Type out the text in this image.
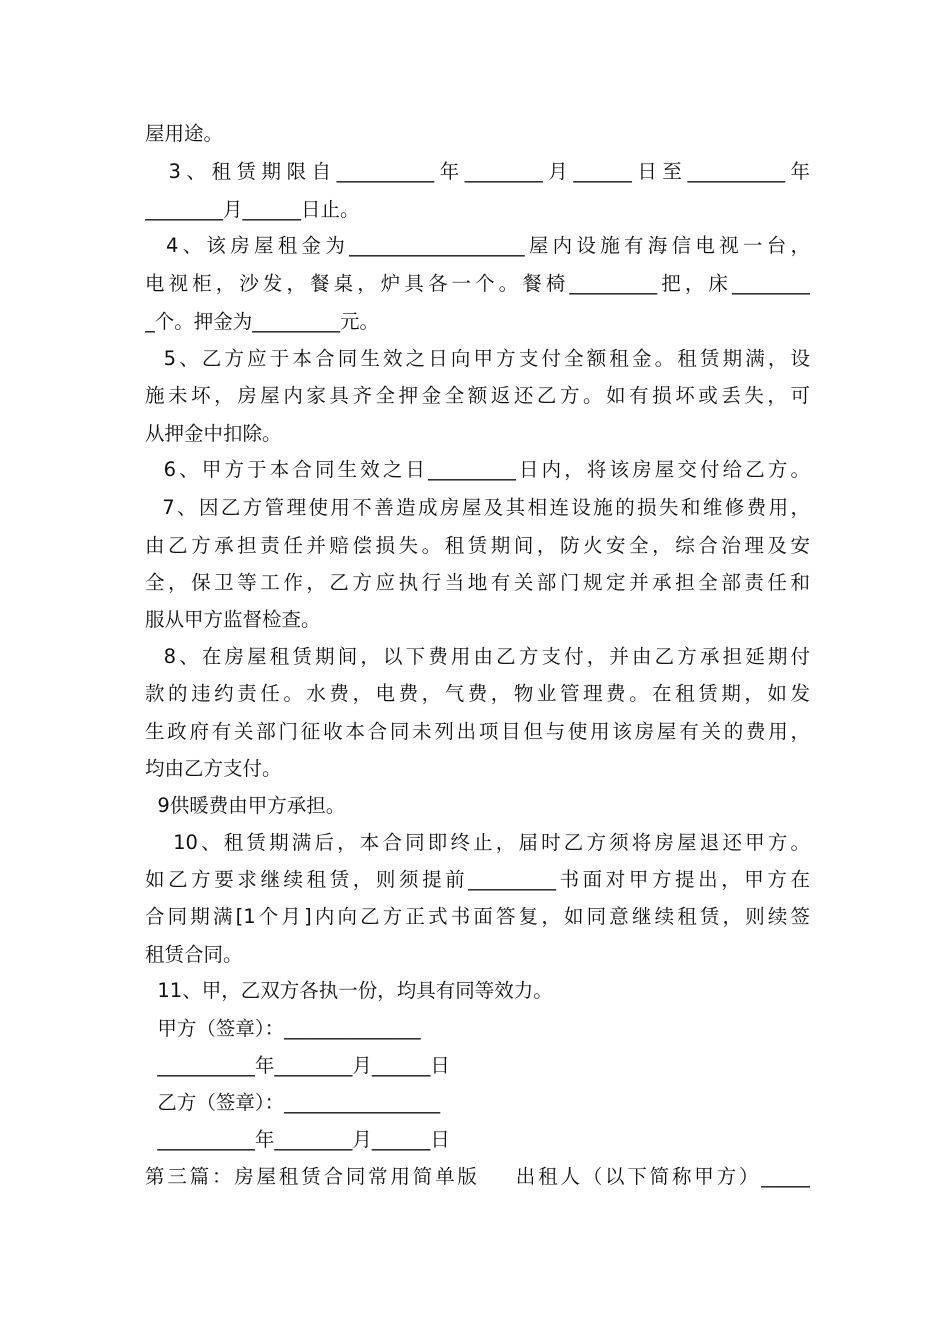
屋用途。

3、租赁期限自__________年________月______日至__________年

________月______日止。

4、该房屋租金为__________________屋内设施有海信电视一台，

电视柜，沙发，餐桌，炉具各一个。餐椅_________把，床________

_个。押金为_________元。

5、乙方应于本合同生效之日向甲方支付全额租金。租赁期满，设

施未坏，房屋内家具齐全押金全额返还乙方。如有损坏或丢失，可

从押金中扣除。

6、甲方于本合同生效之日_________日内，将该房屋交付给乙方。

7、因乙方管理使用不善造成房屋及其相连设施的损失和维修费用，

由乙方承担责任并赔偿损失。租赁期间，防火安全，综合治理及安

全，保卫等工作，乙方应执行当地有关部门规定并承担全部责任和

服从甲方监督检查。

8、在房屋租赁期间，以下费用由乙方支付，并由乙方承担延期付

款的违约责任。水费，电费，气费，物业管理费。在租赁期，如发

生政府有关部门征收本合同未列出项目但与使用该房屋有关的费用，

均由乙方支付。

9供暖费由甲方承担。

10、租赁期满后，本合同即终止，届时乙方须将房屋退还甲方。

如乙方要求继续租赁，则须提前_________书面对甲方提出，甲方在

合同期满[1个月]内向乙方正式书面答复，如同意继续租赁，则续签

租赁合同。

11、甲，乙双方各执一份，均具有同等效力。

甲方（签章）：______________

__________年________月______日

乙方（签章）：________________

__________年________月______日

第三篇：房屋租赁合同常用简单版    出租人（以下简称甲方）_____
